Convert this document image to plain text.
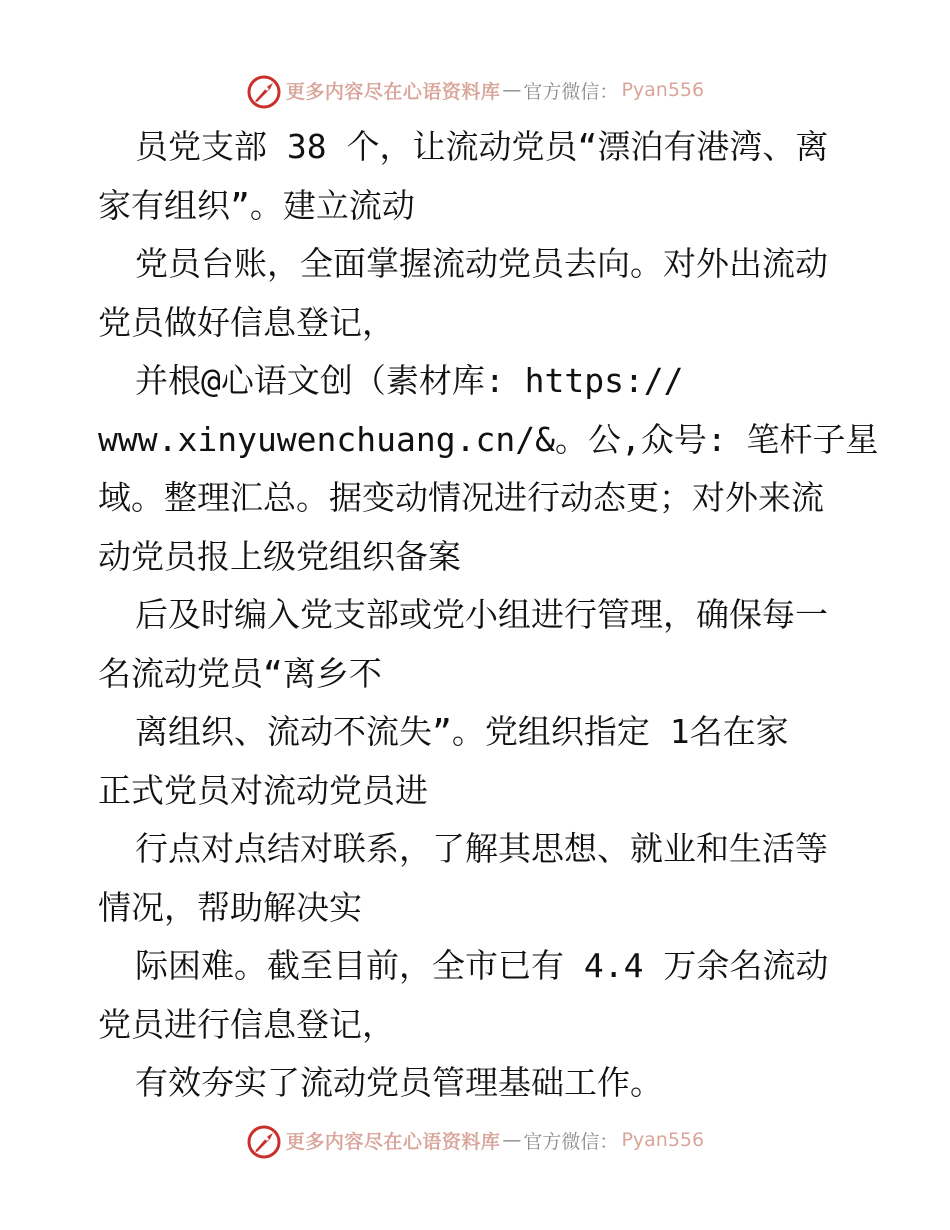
更多内容尽在心语资料库 — 官方微信： Pyan556
员党支部 38 个，让流动党员“漂泊有港湾、离
家有组织”。建立流动
党员台账，全面掌握流动党员去向。对外出流动
党员做好信息登记，
并根@心语文创（素材库: https://
www.xinyuwenchuang.cn/&。公,众号: 笔杆子星
域。整理汇总。据变动情况进行动态更；对外来流
动党员报上级党组织备案
后及时编入党支部或党小组进行管理，确保每一
名流动党员“离乡不
离组织、流动不流失”。党组织指定 1名在家
正式党员对流动党员进
行点对点结对联系，了解其思想、就业和生活等
情况，帮助解决实
际困难。截至目前，全市已有 4.4 万余名流动
党员进行信息登记，
有效夯实了流动党员管理基础工作。
更多内容尽在心语资料库 — 官方微信： Pyan556
